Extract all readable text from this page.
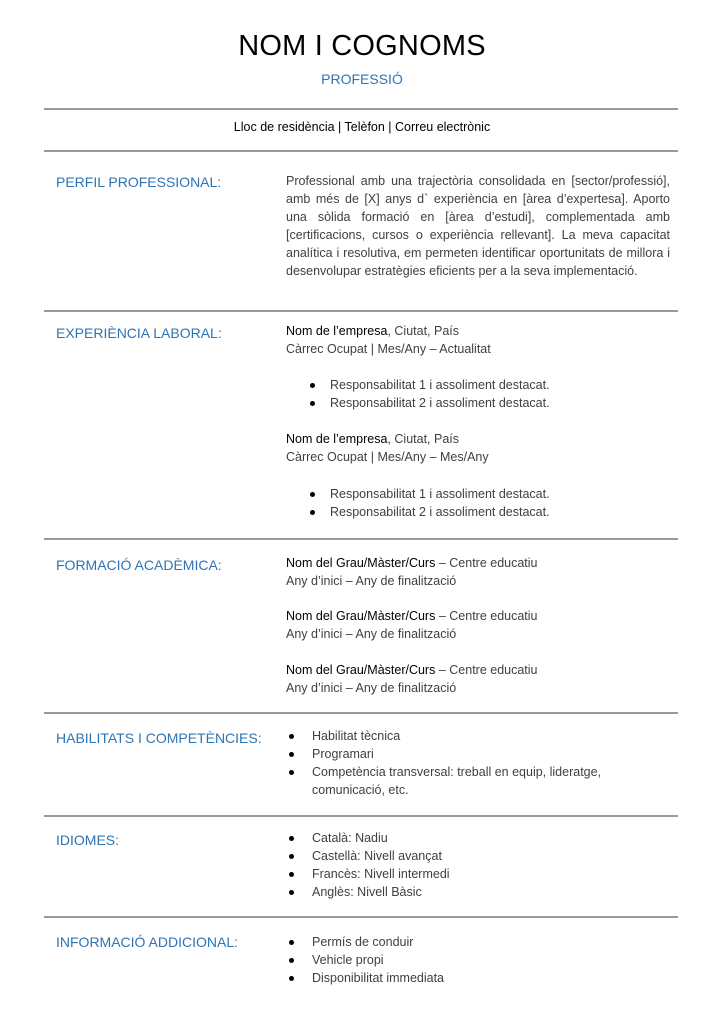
NOM I COGNOMS
PROFESSIÓ
Lloc de residència | Telèfon | Correu electrònic
PERFIL PROFESSIONAL:	Professional amb una trajectòria consolidada en [sector/professió], amb més de [X] anys d` experiència en [àrea d’expertesa]. Aporto una sòlida formació en [àrea d’estudi], complementada amb [certificacions, cursos o experiència rellevant]. La meva capacitat analítica i resolutiva, em permeten identificar oportunitats de millora i desenvolupar estratègies eficients per a la seva implementació.
EXPERIÈNCIA LABORAL:	Nom de l’empresa, Ciutat, País
Càrrec Ocupat | Mes/Any – Actualitat
Responsabilitat 1 i assoliment destacat.
Responsabilitat 2 i assoliment destacat.
Nom de l’empresa, Ciutat, País
Càrrec Ocupat | Mes/Any – Mes/Any
Responsabilitat 1 i assoliment destacat.
Responsabilitat 2 i assoliment destacat.
FORMACIÓ ACADÈMICA:	Nom del Grau/Màster/Curs – Centre educatiu
Any d’inici – Any de finalització
Nom del Grau/Màster/Curs – Centre educatiu
Any d’inici – Any de finalització
Nom del Grau/Màster/Curs – Centre educatiu
Any d’inici – Any de finalització
HABILITATS I COMPETÈNCIES:	Habilitat tècnica
Programari
Competència transversal: treball en equip, lideratge, comunicació, etc.
IDIOMES:	Català: Nadiu
Castellà: Nivell avançat
Francès: Nivell intermedi
Anglès: Nivell Bàsic
INFORMACIÓ ADDICIONAL:	Permís de conduir
Vehicle propi
Disponibilitat immediata
